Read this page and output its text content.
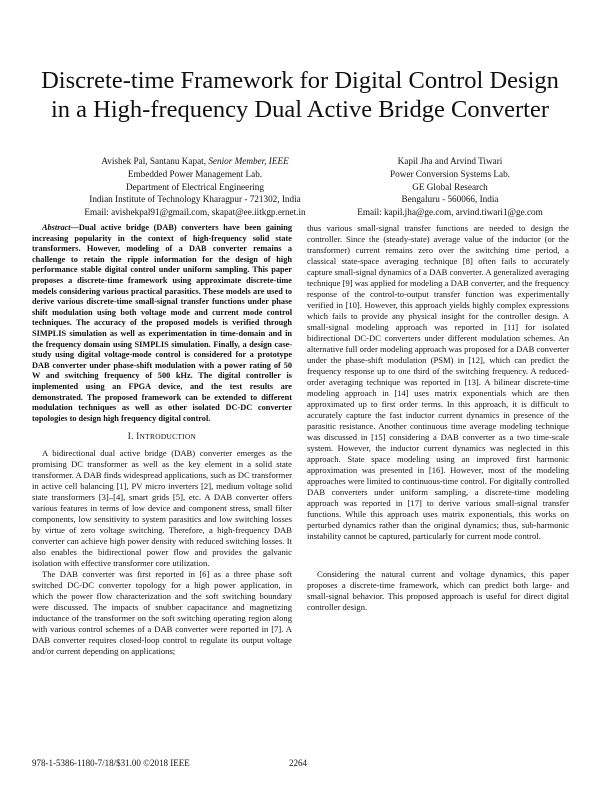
Discrete-time Framework for Digital Control Design in a High-frequency Dual Active Bridge Converter
Avishek Pal, Santanu Kapat, Senior Member, IEEE
Embedded Power Management Lab.
Department of Electrical Engineering
Indian Institute of Technology Kharagpur - 721302, India
Email: avishekpal91@gmail.com, skapat@ee.iitkgp.ernet.in
Kapil Jha and Arvind Tiwari
Power Conversion Systems Lab.
GE Global Research
Bengaluru - 560066, India
Email: kapil.jha@ge.com, arvind.tiwari1@ge.com

Abstract—Dual active bridge (DAB) converters have been gaining increasing popularity in the context of high-frequency solid state transformers. However, modeling of a DAB converter remains a challenge to retain the ripple information for the design of high performance stable digital control under uniform sampling. This paper proposes a discrete-time framework using approximate discrete-time models considering various practical parasitics. These models are used to derive various discrete-time small-signal transfer functions under phase shift modulation using both voltage mode and current mode control techniques. The accuracy of the proposed models is verified through SIMPLIS simulation as well as experimentation in time-domain and in the frequency domain using SIMPLIS simulation. Finally, a design case-study using digital voltage-mode control is considered for a prototype DAB converter under phase-shift modulation with a power rating of 50 W and switching frequency of 500 kHz. The digital controller is implemented using an FPGA device, and the test results are demonstrated. The proposed framework can be extended to different modulation techniques as well as other isolated DC-DC converter topologies to design high frequency digital control.

I. INTRODUCTION

A bidirectional dual active bridge (DAB) converter emerges as the promising DC transformer as well as the key element in a solid state transformer. A DAB finds widespread applications, such as DC transformer in active cell balancing [1], PV micro inverters [2], medium voltage solid state transformers [3]–[4], smart grids [5], etc. A DAB converter offers various features in terms of low device and component stress, small filter components, low sensitivity to system parasitics and low switching losses by virtue of zero voltage switching. Therefore, a high-frequency DAB converter can achieve high power density with reduced switching losses. It also enables the bidirectional power flow and provides the galvanic isolation with effective transformer core utilization.

The DAB converter was first reported in [6] as a three phase soft switched DC-DC converter topology for a high power application, in which the power flow characterization and the soft switching boundary were discussed. The impacts of snubber capacitance and magnetizing inductance of the transformer on the soft switching operating region along with various control schemes of a DAB converter were reported in [7]. A DAB converter requires closed-loop control to regulate its output voltage and/or current depending on applications;

thus various small-signal transfer functions are needed to design the controller. Since the (steady-state) average value of the inductor (or the transformer) current remains zero over the switching time period, a classical state-space averaging technique [8] often fails to accurately capture small-signal dynamics of a DAB converter. A generalized averaging technique [9] was applied for modeling a DAB converter, and the frequency response of the control-to-output transfer function was experimentally verified in [10]. However, this approach yields highly complex expressions which fails to provide any physical insight for the controller design. A small-signal modeling approach was reported in [11] for isolated bidirectional DC-DC converters under different modulation schemes. An alternative full order modeling approach was proposed for a DAB converter under the phase-shift modulation (PSM) in [12], which can predict the frequency response up to one third of the switching frequency. A reduced-order averaging technique was reported in [13]. A bilinear discrete-time modeling approach in [14] uses matrix exponentials which are then approximated up to first order terms. In this approach, it is difficult to accurately capture the fast inductor current dynamics in presence of the parasitic resistance. Another continuous time average modeling technique was discussed in [15] considering a DAB converter as a two time-scale system. However, the inductor current dynamics was neglected in this approach. State space modeling using an improved first harmonic approximation was presented in [16]. However, most of the modeling approaches were limited to continuous-time control. For digitally controlled DAB converters under uniform sampling, a discrete-time modeling approach was reported in [17] to derive various small-signal transfer functions. While this approach uses matrix exponentials, this works on perturbed dynamics rather than the original dynamics; thus, sub-harmonic instability cannot be captured, particularly for current mode control.

Considering the natural current and voltage dynamics, this paper proposes a discrete-time framework, which can predict both large- and small-signal behavior. This proposed approach is useful for direct digital controller design.

978-1-5386-1180-7/18/$31.00 ©2018 IEEE	2264
